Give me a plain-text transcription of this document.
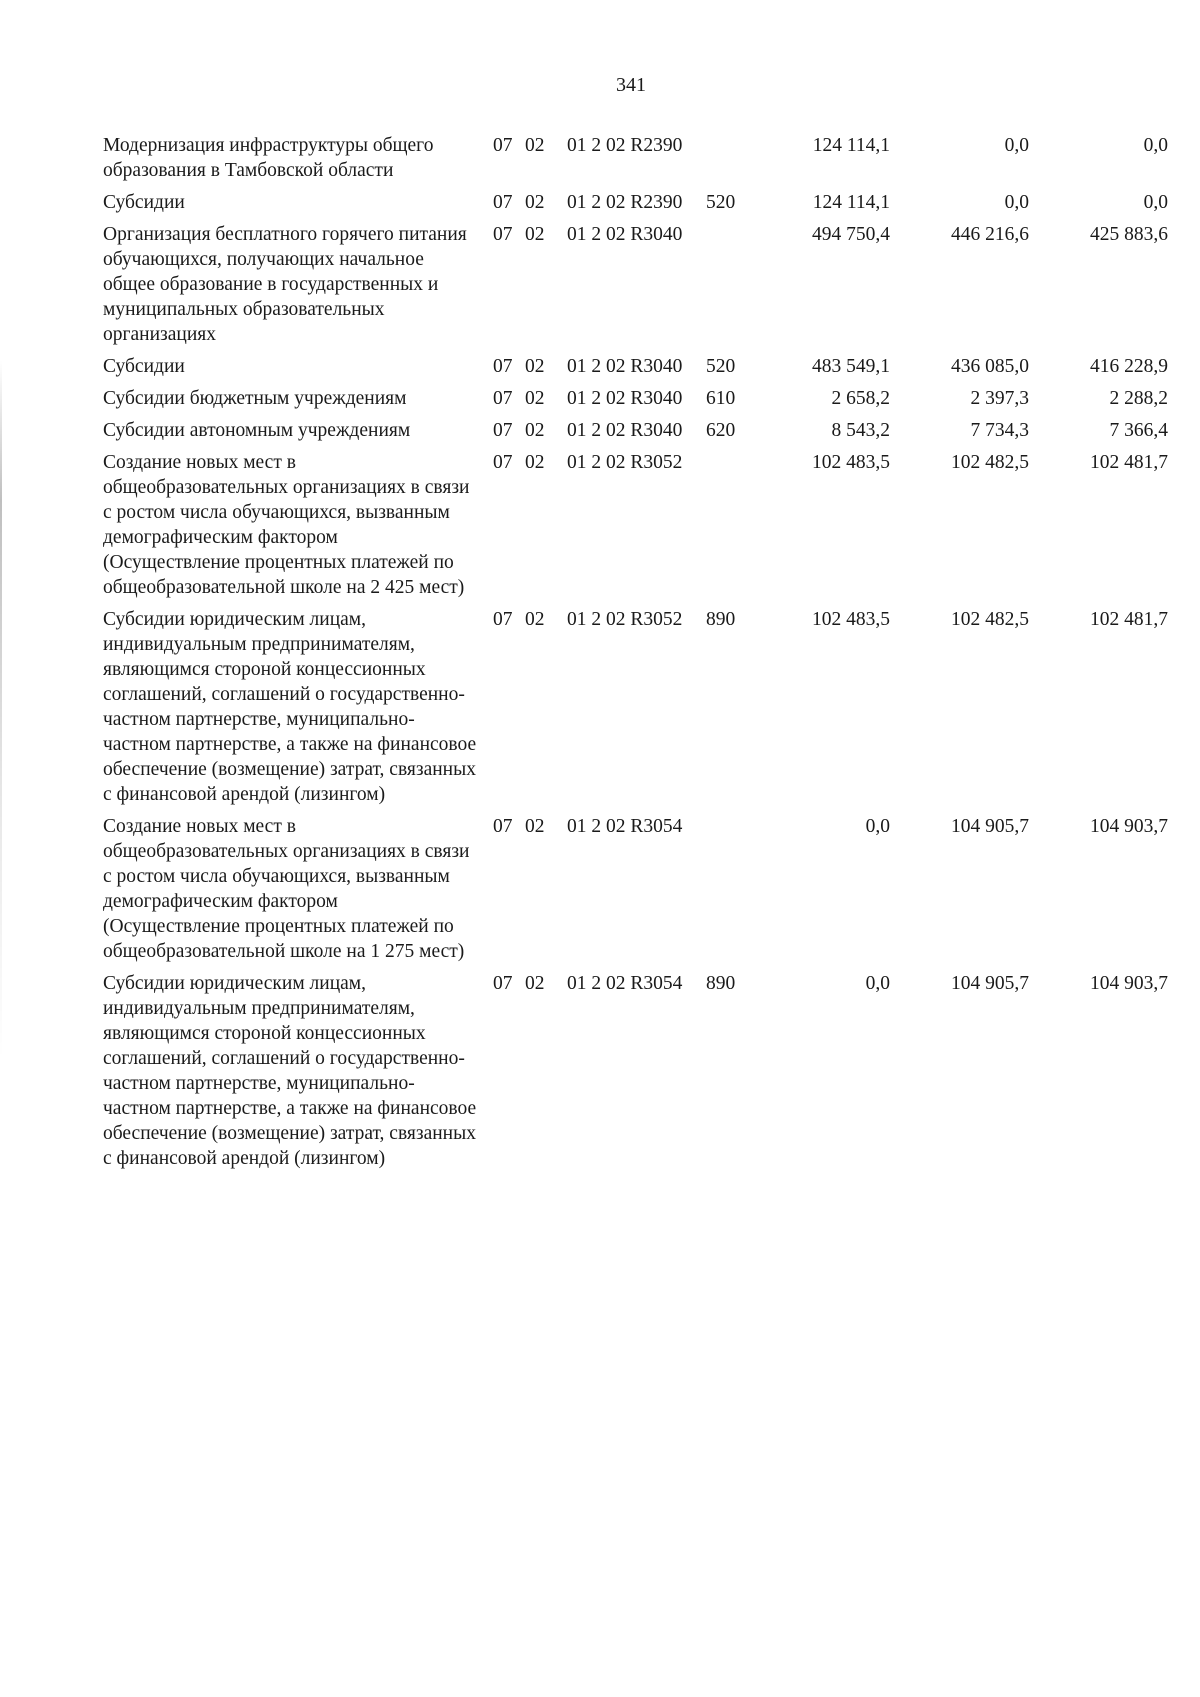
341
Модернизация инфраструктуры общего образования в Тамбовской области	07	02	01 2 02 R2390		124 114,1	0,0	0,0
Субсидии	07	02	01 2 02 R2390	520	124 114,1	0,0	0,0
Организация бесплатного горячего питания обучающихся, получающих начальное общее образование в государственных и муниципальных образовательных организациях	07	02	01 2 02 R3040		494 750,4	446 216,6	425 883,6
Субсидии	07	02	01 2 02 R3040	520	483 549,1	436 085,0	416 228,9
Субсидии бюджетным учреждениям	07	02	01 2 02 R3040	610	2 658,2	2 397,3	2 288,2
Субсидии автономным учреждениям	07	02	01 2 02 R3040	620	8 543,2	7 734,3	7 366,4
Создание новых мест в общеобразовательных организациях в связи с ростом числа обучающихся, вызванным демографическим фактором (Осуществление процентных платежей по общеобразовательной школе на 2 425 мест)	07	02	01 2 02 R3052		102 483,5	102 482,5	102 481,7
Субсидии юридическим лицам, индивидуальным предпринимателям, являющимся стороной концессионных соглашений, соглашений о государственно-частном партнерстве, муниципально-частном партнерстве, а также на финансовое обеспечение (возмещение) затрат, связанных с финансовой арендой (лизингом)	07	02	01 2 02 R3052	890	102 483,5	102 482,5	102 481,7
Создание новых мест в общеобразовательных организациях в связи с ростом числа обучающихся, вызванным демографическим фактором (Осуществление процентных платежей по общеобразовательной школе на 1 275 мест)	07	02	01 2 02 R3054		0,0	104 905,7	104 903,7
Субсидии юридическим лицам, индивидуальным предпринимателям, являющимся стороной концессионных соглашений, соглашений о государственно-частном партнерстве, муниципально-частном партнерстве, а также на финансовое обеспечение (возмещение) затрат, связанных с финансовой арендой (лизингом)	07	02	01 2 02 R3054	890	0,0	104 905,7	104 903,7
